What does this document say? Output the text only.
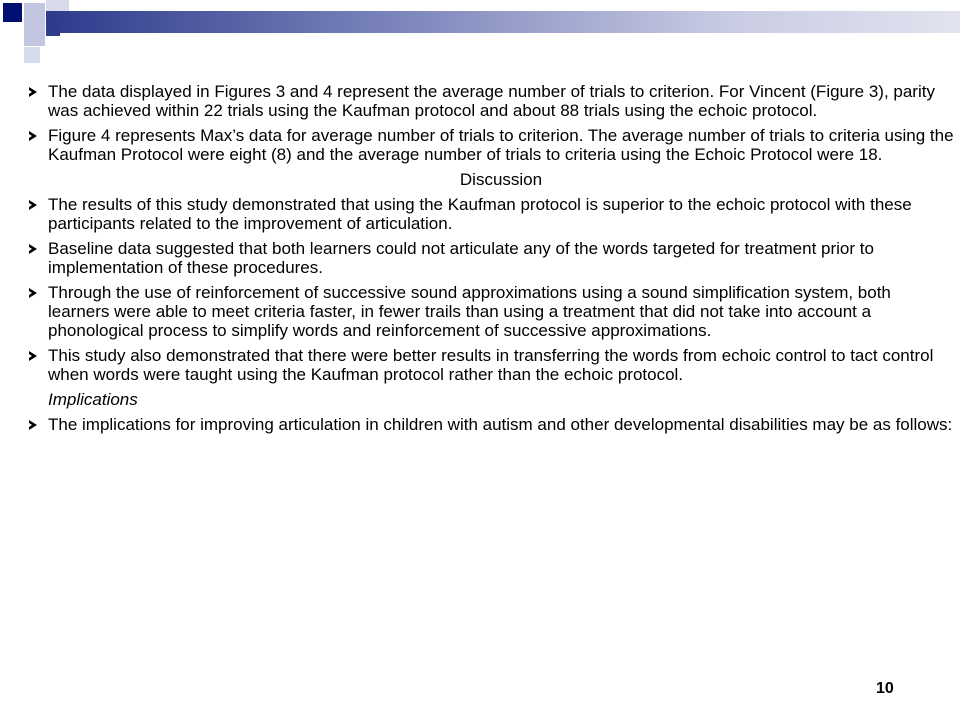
The data displayed in Figures 3 and 4 represent the average number of trials to criterion. For Vincent (Figure 3), parity was achieved within 22 trials using the Kaufman protocol and about 88 trials using the echoic protocol.
Figure 4 represents Max’s data for average number of trials to criterion. The average number of trials to criteria using the Kaufman Protocol were eight (8) and the average number of trials to criteria using the Echoic Protocol were 18.
Discussion
The results of this study demonstrated that using the Kaufman protocol is superior to the echoic protocol with these participants related to the improvement of articulation.
Baseline data suggested that both learners could not articulate any of the words targeted for treatment prior to implementation of these procedures.
Through the use of reinforcement of successive sound approximations using a sound simplification system, both learners were able to meet criteria faster, in fewer trails than using a treatment that did not take into account a phonological process to simplify words and reinforcement of successive approximations.
This study also demonstrated that there were better results in transferring the words from echoic control to tact control when words were taught using the Kaufman protocol rather than the echoic protocol.
Implications
The implications for improving articulation in children with autism and other developmental disabilities may be as follows:
10
